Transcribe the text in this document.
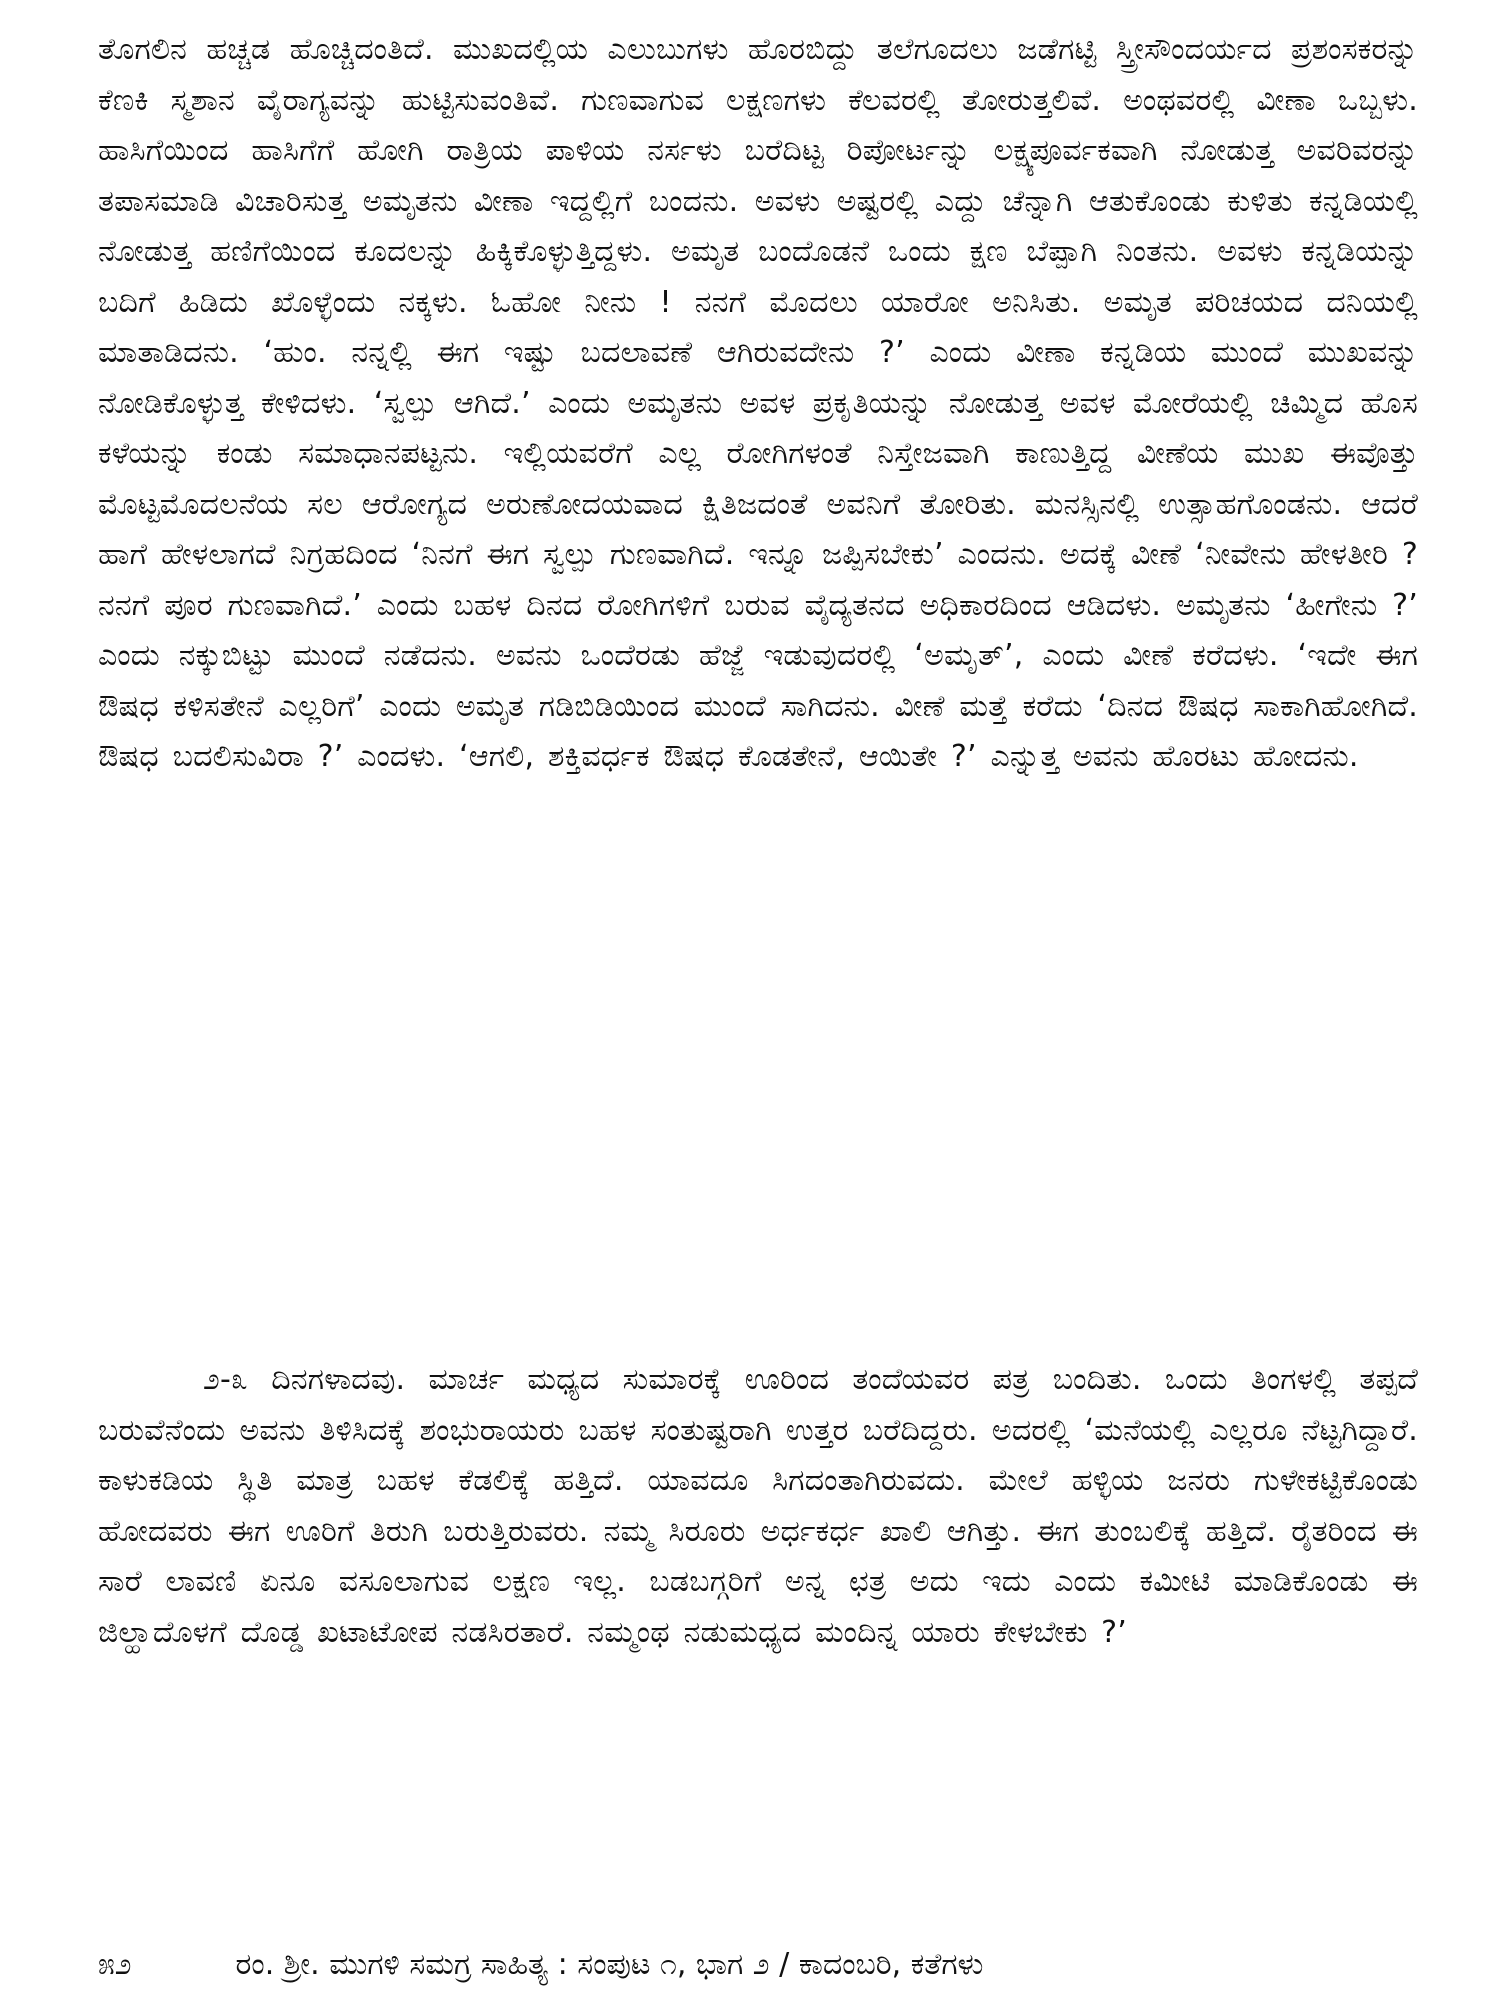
ತೊಗಲಿನ ಹಚ್ಚಡ ಹೊಚ್ಚಿದಂತಿದೆ. ಮುಖದಲ್ಲಿಯ ಎಲುಬುಗಳು ಹೊರಬಿದ್ದು ತಲೆಗೂದಲು ಜಡೆಗಟ್ಟಿ ಸ್ತ್ರೀಸೌಂದರ್ಯದ ಪ್ರಶಂಸಕರನ್ನು ಕೆಣಕಿ ಸ್ಮಶಾನ ವೈರಾಗ್ಯವನ್ನು ಹುಟ್ಟಿಸುವಂತಿವೆ. ಗುಣವಾಗುವ ಲಕ್ಷಣಗಳು ಕೆಲವರಲ್ಲಿ ತೋರುತ್ತಲಿವೆ. ಅಂಥವರಲ್ಲಿ ವೀಣಾ ಒಬ್ಬಳು. ಹಾಸಿಗೆಯಿಂದ ಹಾಸಿಗೆಗೆ ಹೋಗಿ ರಾತ್ರಿಯ ಪಾಳಿಯ ನರ್ಸಳು ಬರೆದಿಟ್ಟ ರಿಪೋರ್ಟನ್ನು ಲಕ್ಷ್ಯಪೂರ್ವಕವಾಗಿ ನೋಡುತ್ತ ಅವರಿವರನ್ನು ತಪಾಸಮಾಡಿ ವಿಚಾರಿಸುತ್ತ ಅಮೃತನು ವೀಣಾ ಇದ್ದಲ್ಲಿಗೆ ಬಂದನು. ಅವಳು ಅಷ್ಟರಲ್ಲಿ ಎದ್ದು ಚೆನ್ನಾಗಿ ಆತುಕೊಂಡು ಕುಳಿತು ಕನ್ನಡಿಯಲ್ಲಿ ನೋಡುತ್ತ ಹಣಿಗೆಯಿಂದ ಕೂದಲನ್ನು ಹಿಕ್ಕಿಕೊಳ್ಳುತ್ತಿದ್ದಳು. ಅಮೃತ ಬಂದೊಡನೆ ಒಂದು ಕ್ಷಣ ಬೆಪ್ಪಾಗಿ ನಿಂತನು. ಅವಳು ಕನ್ನಡಿಯನ್ನು ಬದಿಗೆ ಹಿಡಿದು ಖೊಳ್ಳೆಂದು ನಕ್ಕಳು. ಓಹೋ ನೀನು ! ನನಗೆ ಮೊದಲು ಯಾರೋ ಅನಿಸಿತು. ಅಮೃತ ಪರಿಚಯದ ದನಿಯಲ್ಲಿ ಮಾತಾಡಿದನು. ‘ಹುಂ. ನನ್ನಲ್ಲಿ ಈಗ ಇಷ್ಟು ಬದಲಾವಣೆ ಆಗಿರುವದೇನು ?’ ಎಂದು ವೀಣಾ ಕನ್ನಡಿಯ ಮುಂದೆ ಮುಖವನ್ನು ನೋಡಿಕೊಳ್ಳುತ್ತ ಕೇಳಿದಳು. ‘ಸ್ವಲ್ಪು ಆಗಿದೆ.’ ಎಂದು ಅಮೃತನು ಅವಳ ಪ್ರಕೃತಿಯನ್ನು ನೋಡುತ್ತ ಅವಳ ಮೋರೆಯಲ್ಲಿ ಚಿಮ್ಮಿದ ಹೊಸ ಕಳೆಯನ್ನು ಕಂಡು ಸಮಾಧಾನಪಟ್ಟನು. ಇಲ್ಲಿಯವರೆಗೆ ಎಲ್ಲ ರೋಗಿಗಳಂತೆ ನಿಸ್ತೇಜವಾಗಿ ಕಾಣುತ್ತಿದ್ದ ವೀಣೆಯ ಮುಖ ಈವೊತ್ತು ಮೊಟ್ಟಮೊದಲನೆಯ ಸಲ ಆರೋಗ್ಯದ ಅರುಣೋದಯವಾದ ಕ್ಷಿತಿಜದಂತೆ ಅವನಿಗೆ ತೋರಿತು. ಮನಸ್ಸಿನಲ್ಲಿ ಉತ್ಸಾಹಗೊಂಡನು. ಆದರೆ ಹಾಗೆ ಹೇಳಲಾಗದೆ ನಿಗ್ರಹದಿಂದ ‘ನಿನಗೆ ಈಗ ಸ್ವಲ್ಪು ಗುಣವಾಗಿದೆ. ಇನ್ನೂ ಜಪ್ಪಿಸಬೇಕು’ ಎಂದನು. ಅದಕ್ಕೆ ವೀಣೆ ‘ನೀವೇನು ಹೇಳತೀರಿ ? ನನಗೆ ಪೂರ ಗುಣವಾಗಿದೆ.’ ಎಂದು ಬಹಳ ದಿನದ ರೋಗಿಗಳಿಗೆ ಬರುವ ವೈದ್ಯತನದ ಅಧಿಕಾರದಿಂದ ಆಡಿದಳು. ಅಮೃತನು ‘ಹೀಗೇನು ?’ ಎಂದು ನಕ್ಕುಬಿಟ್ಟು ಮುಂದೆ ನಡೆದನು. ಅವನು ಒಂದೆರಡು ಹೆಜ್ಜೆ ಇಡುವುದರಲ್ಲಿ ‘ಅಮೃತ್’, ಎಂದು ವೀಣೆ ಕರೆದಳು. ‘ಇದೇ ಈಗ ಔಷಧ ಕಳಿಸತೇನೆ ಎಲ್ಲರಿಗೆ’ ಎಂದು ಅಮೃತ ಗಡಿಬಿಡಿಯಿಂದ ಮುಂದೆ ಸಾಗಿದನು. ವೀಣೆ ಮತ್ತೆ ಕರೆದು ‘ದಿನದ ಔಷಧ ಸಾಕಾಗಿಹೋಗಿದೆ. ಔಷಧ ಬದಲಿಸುವಿರಾ ?’ ಎಂದಳು. ‘ಆಗಲಿ, ಶಕ್ತಿವರ್ಧಕ ಔಷಧ ಕೊಡತೇನೆ, ಆಯಿತೇ ?’ ಎನ್ನುತ್ತ ಅವನು ಹೊರಟು ಹೋದನು.

೨-೩ ದಿನಗಳಾದವು. ಮಾರ್ಚ ಮಧ್ಯದ ಸುಮಾರಕ್ಕೆ ಊರಿಂದ ತಂದೆಯವರ ಪತ್ರ ಬಂದಿತು. ಒಂದು ತಿಂಗಳಲ್ಲಿ ತಪ್ಪದೆ ಬರುವೆನೆಂದು ಅವನು ತಿಳಿಸಿದಕ್ಕೆ ಶಂಭುರಾಯರು ಬಹಳ ಸಂತುಷ್ಟರಾಗಿ ಉತ್ತರ ಬರೆದಿದ್ದರು. ಅದರಲ್ಲಿ ‘ಮನೆಯಲ್ಲಿ ಎಲ್ಲರೂ ನೆಟ್ಟಗಿದ್ದಾರೆ. ಕಾಳುಕಡಿಯ ಸ್ಥಿತಿ ಮಾತ್ರ ಬಹಳ ಕೆಡಲಿಕ್ಕೆ ಹತ್ತಿದೆ. ಯಾವದೂ ಸಿಗದಂತಾಗಿರುವದು. ಮೇಲೆ ಹಳ್ಳಿಯ ಜನರು ಗುಳೇಕಟ್ಟಿಕೊಂಡು ಹೋದವರು ಈಗ ಊರಿಗೆ ತಿರುಗಿ ಬರುತ್ತಿರುವರು. ನಮ್ಮ ಸಿರೂರು ಅರ್ಧಕರ್ಧ ಖಾಲಿ ಆಗಿತ್ತು. ಈಗ ತುಂಬಲಿಕ್ಕೆ ಹತ್ತಿದೆ. ರೈತರಿಂದ ಈ ಸಾರೆ ಲಾವಣಿ ಏನೂ ವಸೂಲಾಗುವ ಲಕ್ಷಣ ಇಲ್ಲ. ಬಡಬಗ್ಗರಿಗೆ ಅನ್ನ ಛತ್ರ ಅದು ಇದು ಎಂದು ಕಮೀಟಿ ಮಾಡಿಕೊಂಡು ಈ ಜಿಲ್ಹಾದೊಳಗೆ ದೊಡ್ಡ ಖಟಾಟೋಪ ನಡಸಿರತಾರೆ. ನಮ್ಮಂಥ ನಡುಮಧ್ಯದ ಮಂದಿನ್ನ ಯಾರು ಕೇಳಬೇಕು ?’

೫೨	ರಂ. ಶ್ರೀ. ಮುಗಳಿ ಸಮಗ್ರ ಸಾಹಿತ್ಯ : ಸಂಪುಟ ೧, ಭಾಗ ೨ / ಕಾದಂಬರಿ, ಕತೆಗಳು
